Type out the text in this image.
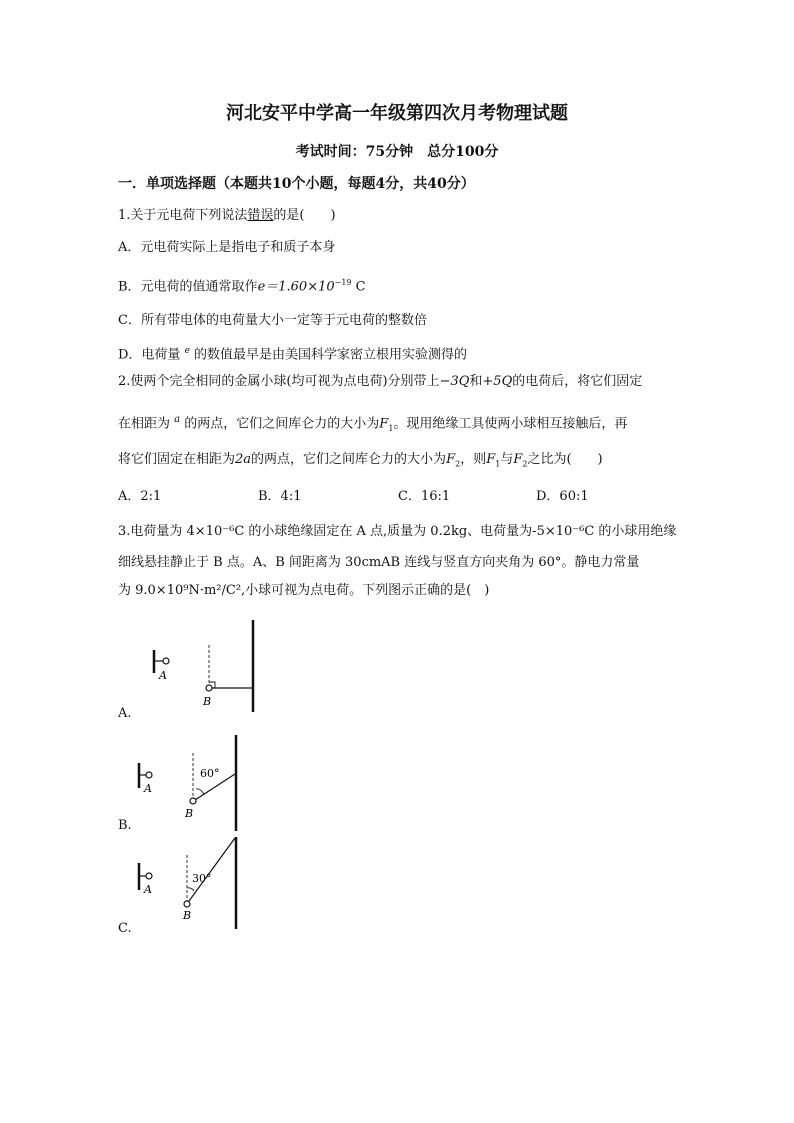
河北安平中学高一年级第四次月考物理试题
考试时间：75分钟　总分100分
一．单项选择题（本题共10个小题，每题4分，共40分）
1.关于元电荷下列说法错误的是(　　)
A．元电荷实际上是指电子和质子本身
B．元电荷的值通常取作$e=1.60\times 10^{-19}$ C
C．所有带电体的电荷量大小一定等于元电荷的整数倍
D．电荷量 $^e$ 的数值最早是由美国科学家密立根用实验测得的
2.使两个完全相同的金属小球(均可视为点电荷)分别带上−3Q和+5Q的电荷后，将它们固定
在相距为 $^a$ 的两点，它们之间库仑力的大小为$F_1$。现用绝缘工具使两小球相互接触后，再
将它们固定在相距为2a的两点，它们之间库仑力的大小为$F_2$，则$F_1$与$F_2$之比为(　　)
A．2:1	B．4:1	C．16:1	D．60:1
3.电荷量为 4×10⁻⁶C 的小球绝缘固定在 A 点,质量为 0.2kg、电荷量为-5×10⁻⁶C 的小球用绝缘
细线悬挂静止于 B 点。A、B 间距离为 30cmAB 连线与竖直方向夹角为 60°。静电力常量
为 9.0×10⁹N·m²/C²,小球可视为点电荷。下列图示正确的是(　)
A
B
A.
A
60°
B
B.
A
30°
B
C.
